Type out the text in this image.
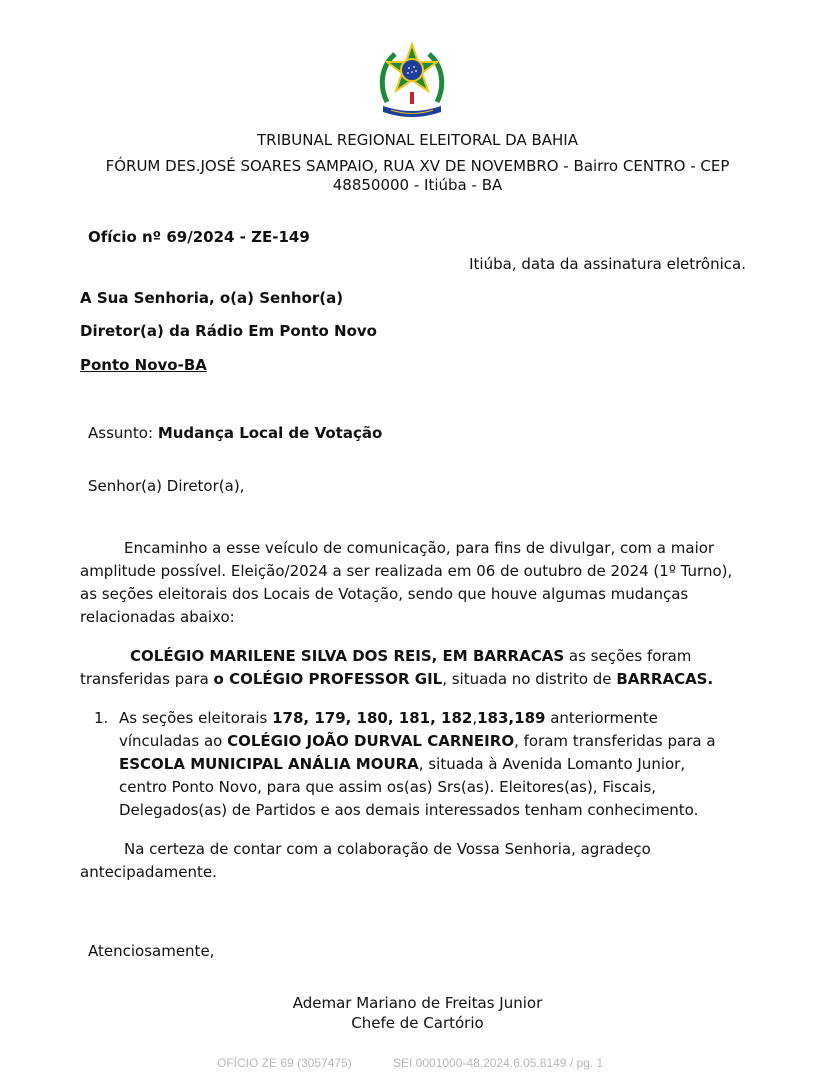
TRIBUNAL REGIONAL ELEITORAL DA BAHIA
FÓRUM DES.JOSÉ SOARES SAMPAIO, RUA XV DE NOVEMBRO - Bairro CENTRO - CEP
48850000 - Itiúba - BA
Ofício nº 69/2024 - ZE-149
Itiúba, data da assinatura eletrônica.
A Sua Senhoria, o(a) Senhor(a)
Diretor(a) da Rádio Em Ponto Novo
Ponto Novo-BA
Assunto: Mudança Local de Votação
Senhor(a) Diretor(a),
Encaminho a esse veículo de comunicação, para fins de divulgar, com a maior
amplitude possível. Eleição/2024 a ser realizada em 06 de outubro de 2024 (1º Turno),
as seções eleitorais dos Locais de Votação, sendo que houve algumas mudanças
relacionadas abaixo:
COLÉGIO MARILENE SILVA DOS REIS, EM BARRACAS as seções foram
transferidas para o COLÉGIO PROFESSOR GIL, situada no distrito de BARRACAS.
1. As seções eleitorais 178, 179, 180, 181, 182,183,189 anteriormente
vínculadas ao COLÉGIO JOÃO DURVAL CARNEIRO, foram transferidas para a
ESCOLA MUNICIPAL ANÁLIA MOURA, situada à Avenida Lomanto Junior,
centro Ponto Novo, para que assim os(as) Srs(as). Eleitores(as), Fiscais,
Delegados(as) de Partidos e aos demais interessados tenham conhecimento.
Na certeza de contar com a colaboração de Vossa Senhoria, agradeço
antecipadamente.
Atenciosamente,
Ademar Mariano de Freitas Junior
Chefe de Cartório
OFÍCIO ZE 69 (3057475)	SEI 0001000-48.2024.6.05.8149 / pg. 1
